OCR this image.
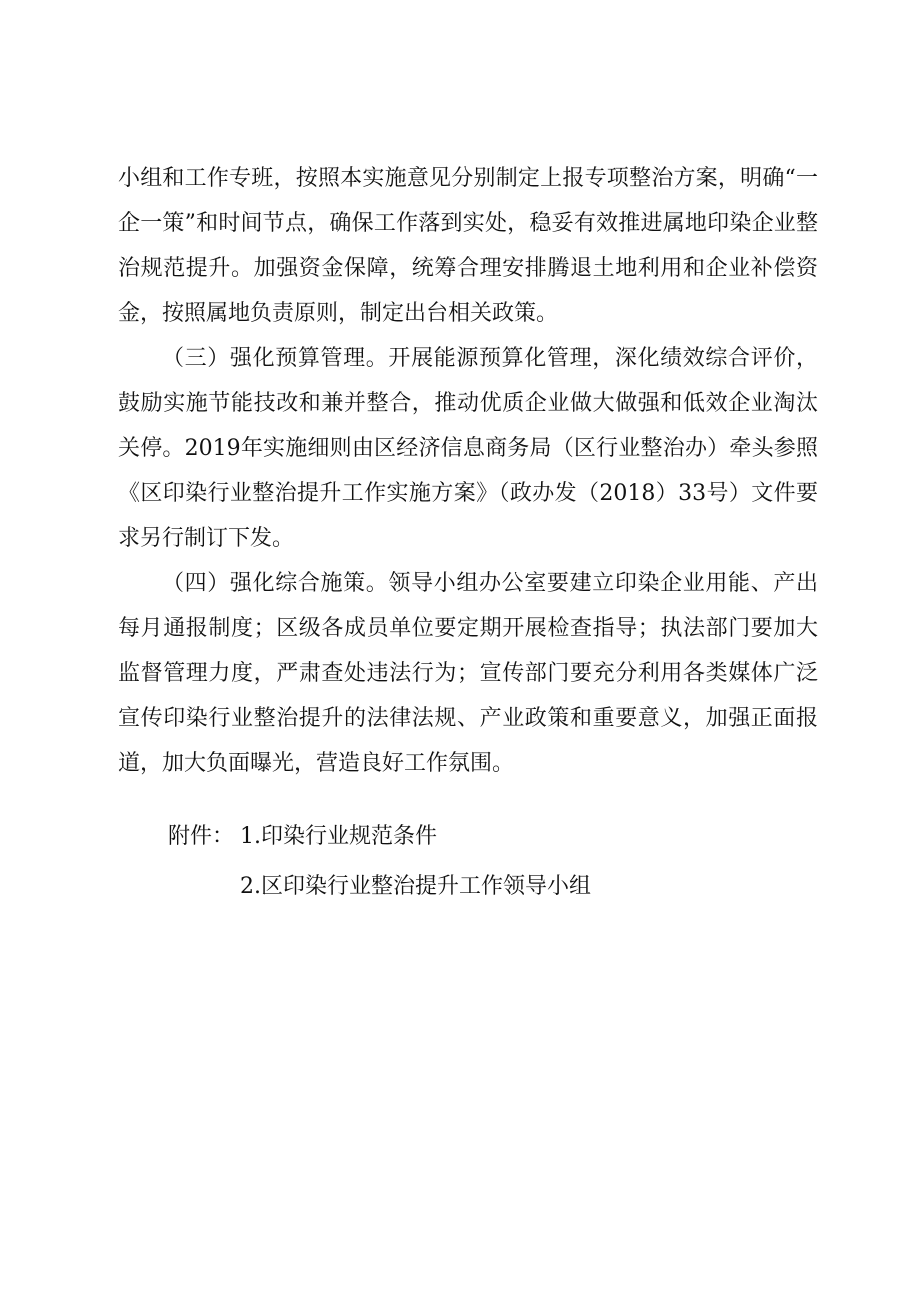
小组和工作专班，按照本实施意见分别制定上报专项整治方案，明确“一企一策”和时间节点，确保工作落到实处，稳妥有效推进属地印染企业整治规范提升。加强资金保障，统筹合理安排腾退土地利用和企业补偿资金，按照属地负责原则，制定出台相关政策。

（三）强化预算管理。开展能源预算化管理，深化绩效综合评价，鼓励实施节能技改和兼并整合，推动优质企业做大做强和低效企业淘汰关停。2019年实施细则由区经济信息商务局（区行业整治办）牵头参照《区印染行业整治提升工作实施方案》（政办发（2018）33号）文件要求另行制订下发。

（四）强化综合施策。领导小组办公室要建立印染企业用能、产出每月通报制度；区级各成员单位要定期开展检查指导；执法部门要加大监督管理力度，严肃查处违法行为；宣传部门要充分利用各类媒体广泛宣传印染行业整治提升的法律法规、产业政策和重要意义，加强正面报道，加大负面曝光，营造良好工作氛围。

附件： 1.印染行业规范条件
2.区印染行业整治提升工作领导小组
